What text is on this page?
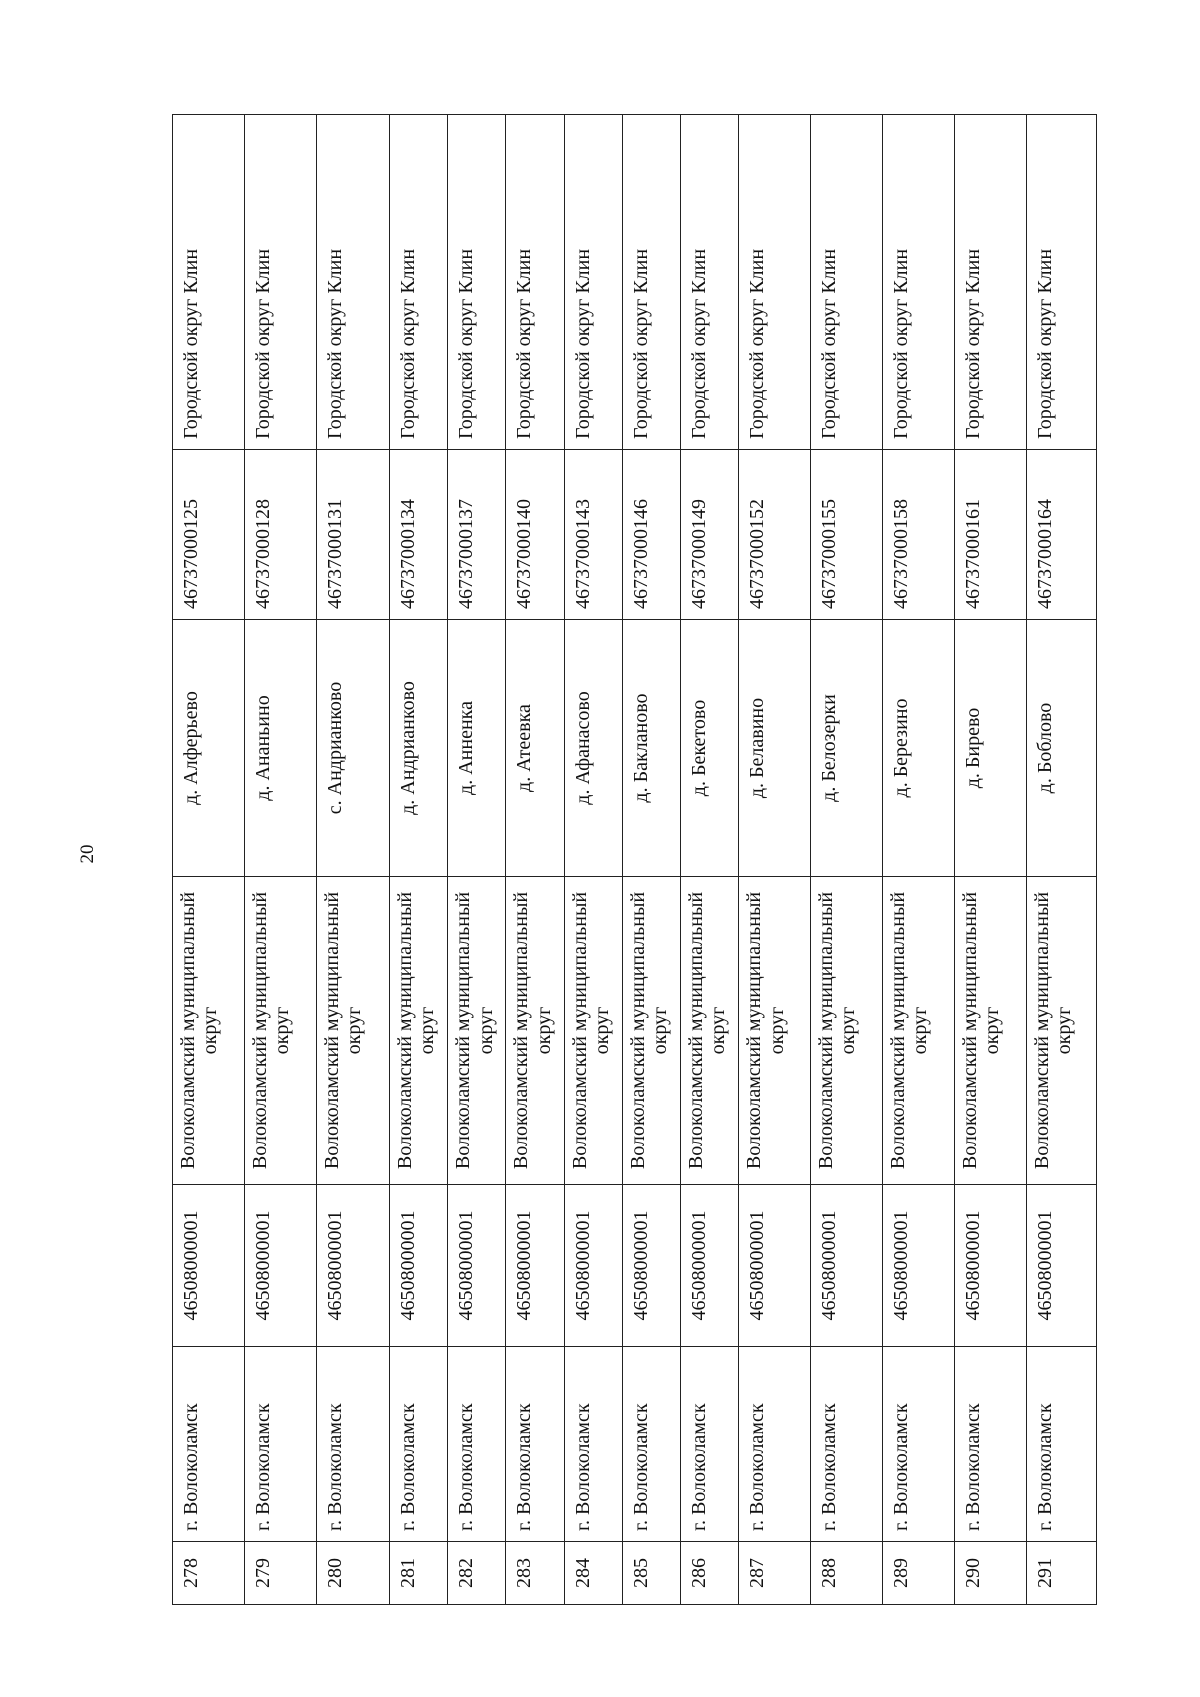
20
278	г. Волоколамск	46508000001	Волоколамский муниципальный округ	д. Алферьево	46737000125	Городской округ Клин
279	г. Волоколамск	46508000001	Волоколамский муниципальный округ	д. Ананьино	46737000128	Городской округ Клин
280	г. Волоколамск	46508000001	Волоколамский муниципальный округ	с. Андрианково	46737000131	Городской округ Клин
281	г. Волоколамск	46508000001	Волоколамский муниципальный округ	д. Андрианково	46737000134	Городской округ Клин
282	г. Волоколамск	46508000001	Волоколамский муниципальный округ	д. Анненка	46737000137	Городской округ Клин
283	г. Волоколамск	46508000001	Волоколамский муниципальный округ	д. Атеевка	46737000140	Городской округ Клин
284	г. Волоколамск	46508000001	Волоколамский муниципальный округ	д. Афанасово	46737000143	Городской округ Клин
285	г. Волоколамск	46508000001	Волоколамский муниципальный округ	д. Бакланово	46737000146	Городской округ Клин
286	г. Волоколамск	46508000001	Волоколамский муниципальный округ	д. Бекетово	46737000149	Городской округ Клин
287	г. Волоколамск	46508000001	Волоколамский муниципальный округ	д. Белавино	46737000152	Городской округ Клин
288	г. Волоколамск	46508000001	Волоколамский муниципальный округ	д. Белозерки	46737000155	Городской округ Клин
289	г. Волоколамск	46508000001	Волоколамский муниципальный округ	д. Березино	46737000158	Городской округ Клин
290	г. Волоколамск	46508000001	Волоколамский муниципальный округ	д. Бирево	46737000161	Городской округ Клин
291	г. Волоколамск	46508000001	Волоколамский муниципальный округ	д. Боблово	46737000164	Городской округ Клин
